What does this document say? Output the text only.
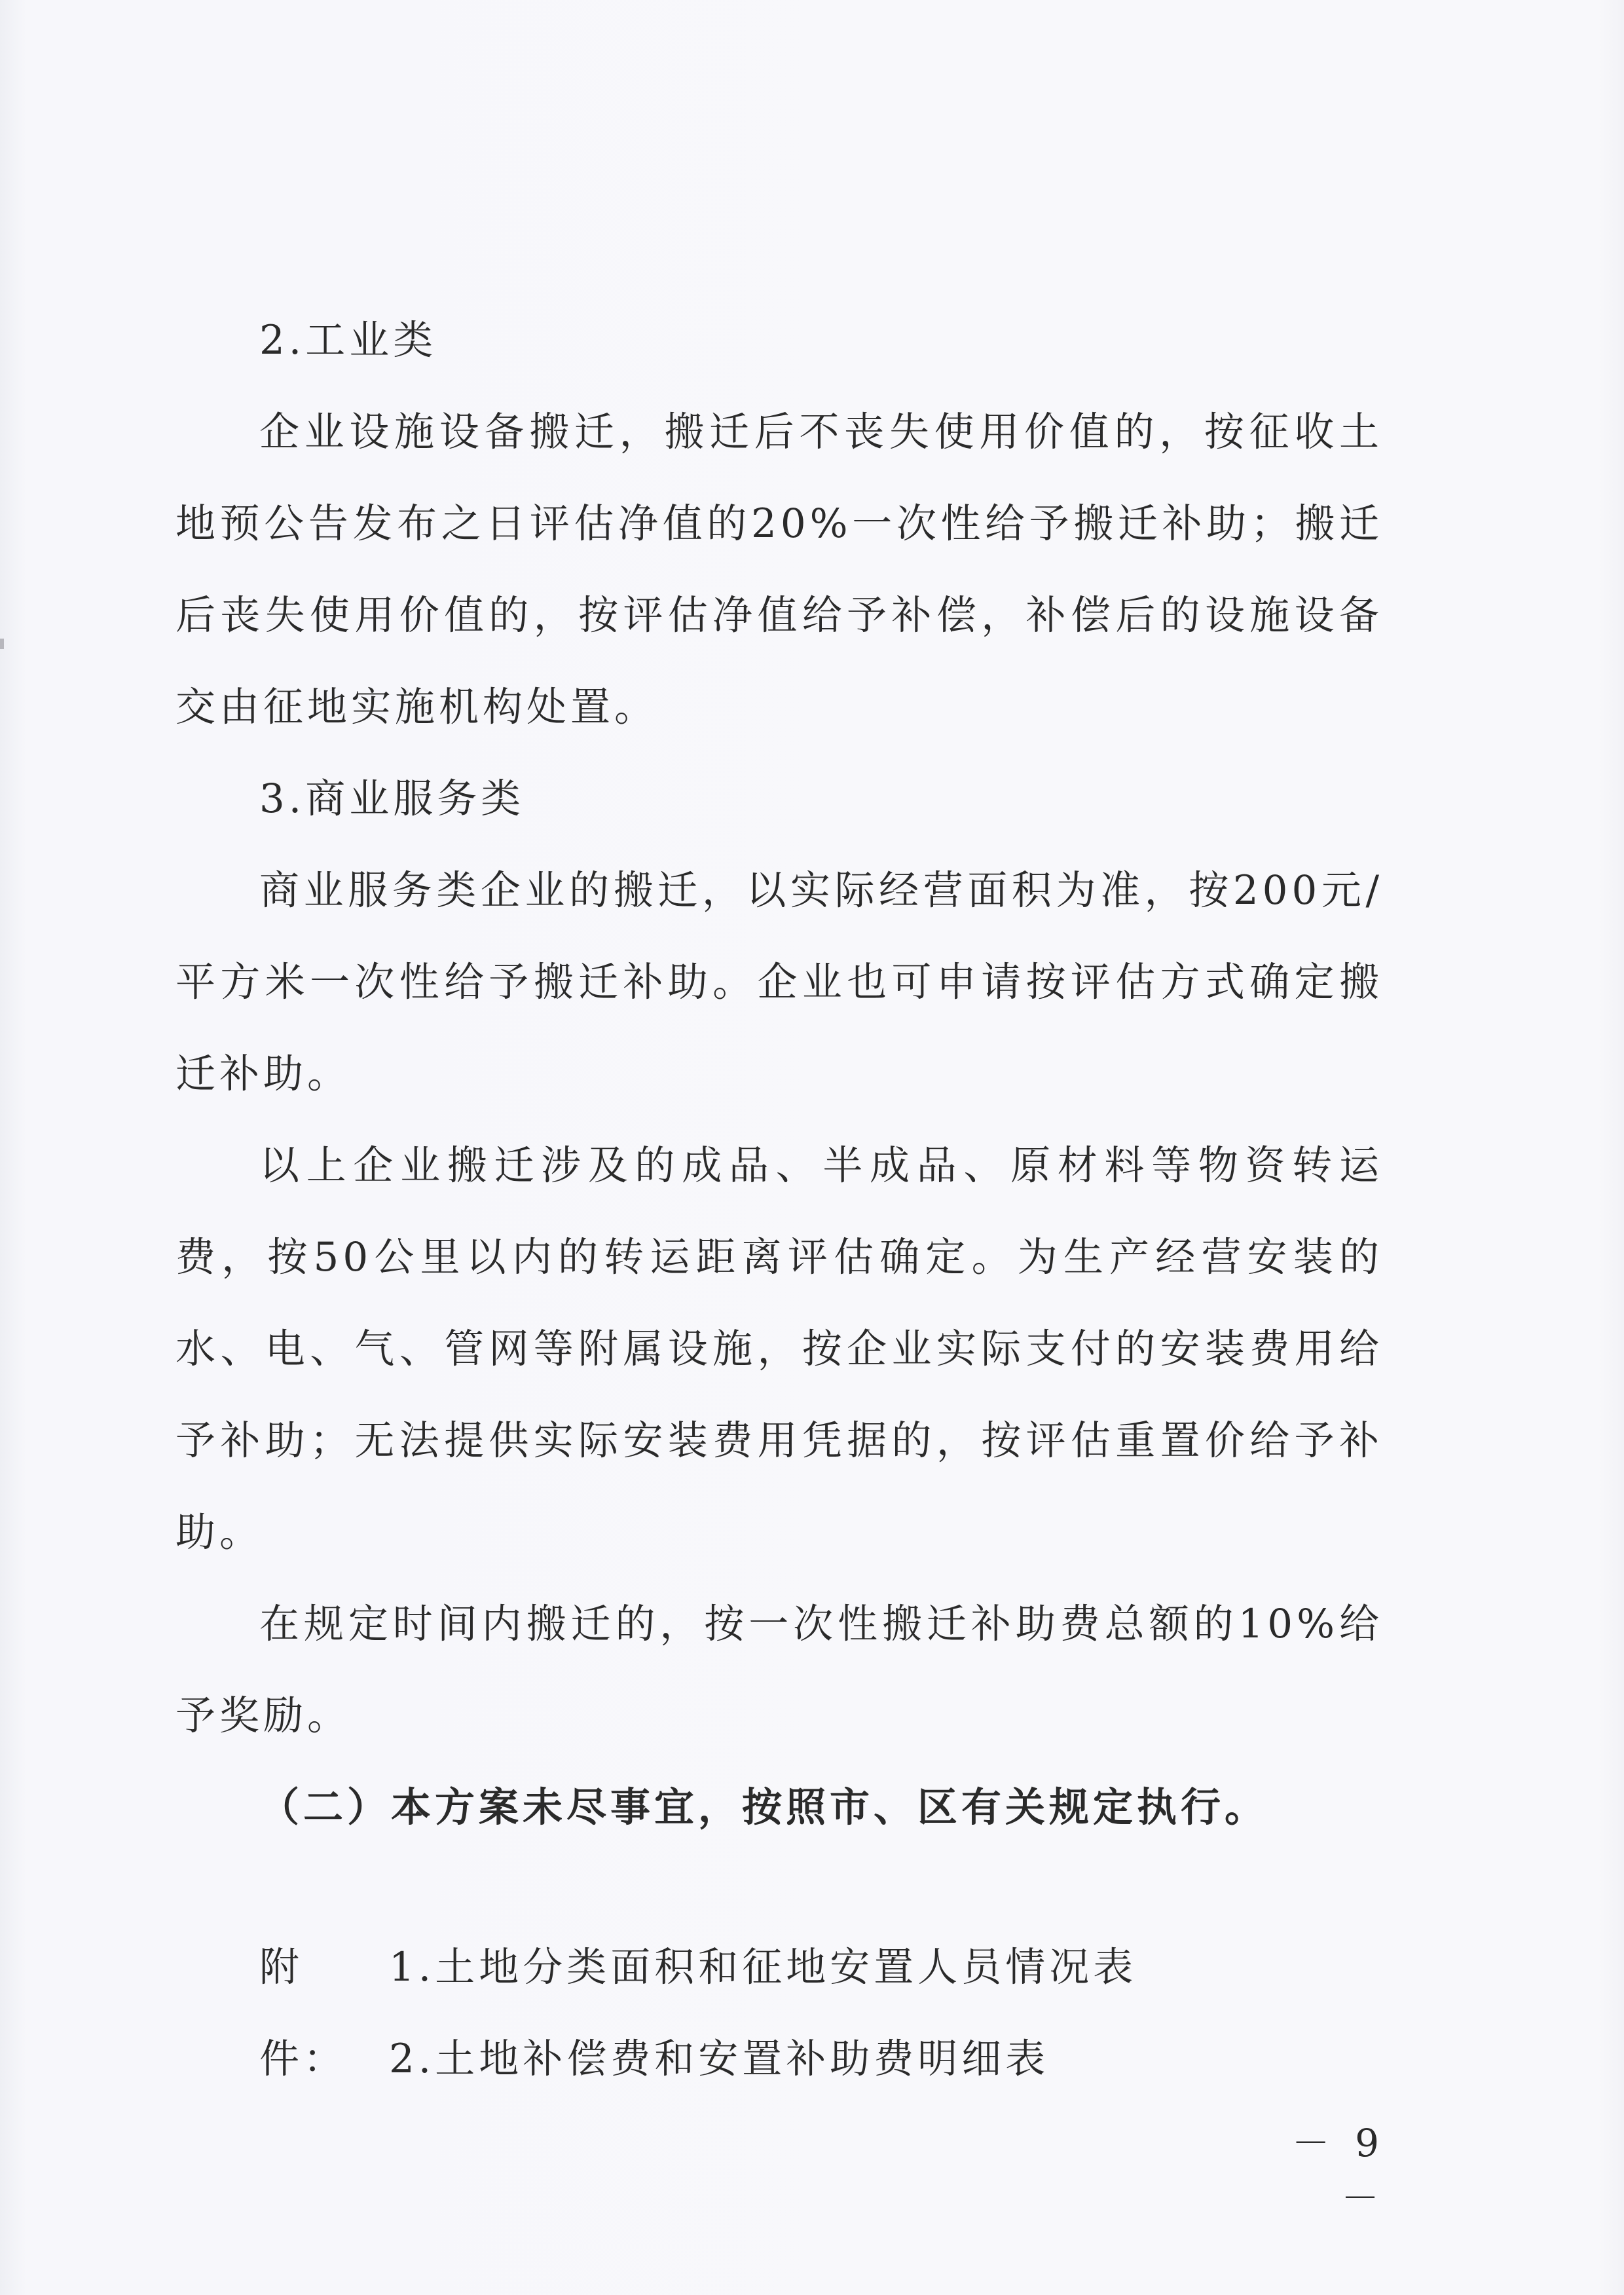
2.工业类

企业设施设备搬迁，搬迁后不丧失使用价值的，按征收土地预公告发布之日评估净值的20%一次性给予搬迁补助；搬迁后丧失使用价值的，按评估净值给予补偿，补偿后的设施设备交由征地实施机构处置。

3.商业服务类

商业服务类企业的搬迁，以实际经营面积为准，按200元/平方米一次性给予搬迁补助。企业也可申请按评估方式确定搬迁补助。

以上企业搬迁涉及的成品、半成品、原材料等物资转运费，按50公里以内的转运距离评估确定。为生产经营安装的水、电、气、管网等附属设施，按企业实际支付的安装费用给予补助；无法提供实际安装费用凭据的，按评估重置价给予补助。

在规定时间内搬迁的，按一次性搬迁补助费总额的10%给予奖励。

（二）本方案未尽事宜，按照市、区有关规定执行。

附件：
1.土地分类面积和征地安置人员情况表
2.土地补偿费和安置补助费明细表
－ 9 －
